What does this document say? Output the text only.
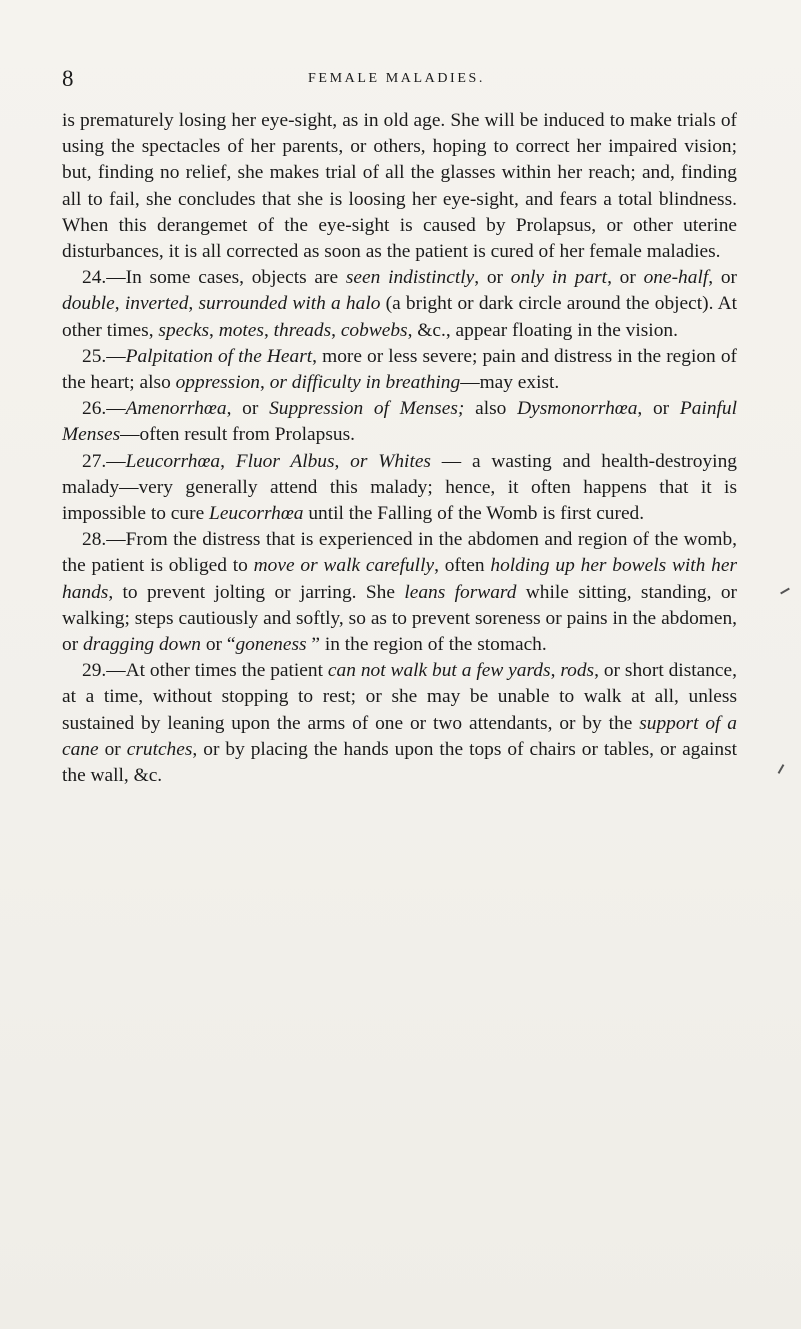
8	FEMALE MALADIES.

is prematurely losing her eye-sight, as in old age. She will be induced to make trials of using the spectacles of her parents, or others, hoping to correct her impaired vision; but, finding no relief, she makes trial of all the glasses within her reach; and, finding all to fail, she concludes that she is loosing her eye-sight, and fears a total blindness. When this derangemet of the eye-sight is caused by Prolapsus, or other uterine disturbances, it is all corrected as soon as the patient is cured of her female maladies.

24.—In some cases, objects are seen indistinctly, or only in part, or one-half, or double, inverted, surrounded with a halo (a bright or dark circle around the object). At other times, specks, motes, threads, cobwebs, &c., appear floating in the vision.

25.—Palpitation of the Heart, more or less severe; pain and distress in the region of the heart; also oppression, or difficulty in breathing—may exist.

26.—Amenorrhœa, or Suppression of Menses; also Dysmonorrhœa, or Painful Menses—often result from Prolapsus.

27.—Leucorrhœa, Fluor Albus, or Whites — a wasting and health-destroying malady—very generally attend this malady; hence, it often happens that it is impossible to cure Leucorrhœa until the Falling of the Womb is first cured.

28.—From the distress that is experienced in the abdomen and region of the womb, the patient is obliged to move or walk carefully, often holding up her bowels with her hands, to prevent jolting or jarring. She leans forward while sitting, standing, or walking; steps cautiously and softly, so as to prevent soreness or pains in the abdomen, or dragging down or “goneness ” in the region of the stomach.

29.—At other times the patient can not walk but a few yards, rods, or short distance, at a time, without stopping to rest; or she may be unable to walk at all, unless sustained by leaning upon the arms of one or two attendants, or by the support of a cane or crutches, or by placing the hands upon the tops of chairs or tables, or against the wall, &c.
